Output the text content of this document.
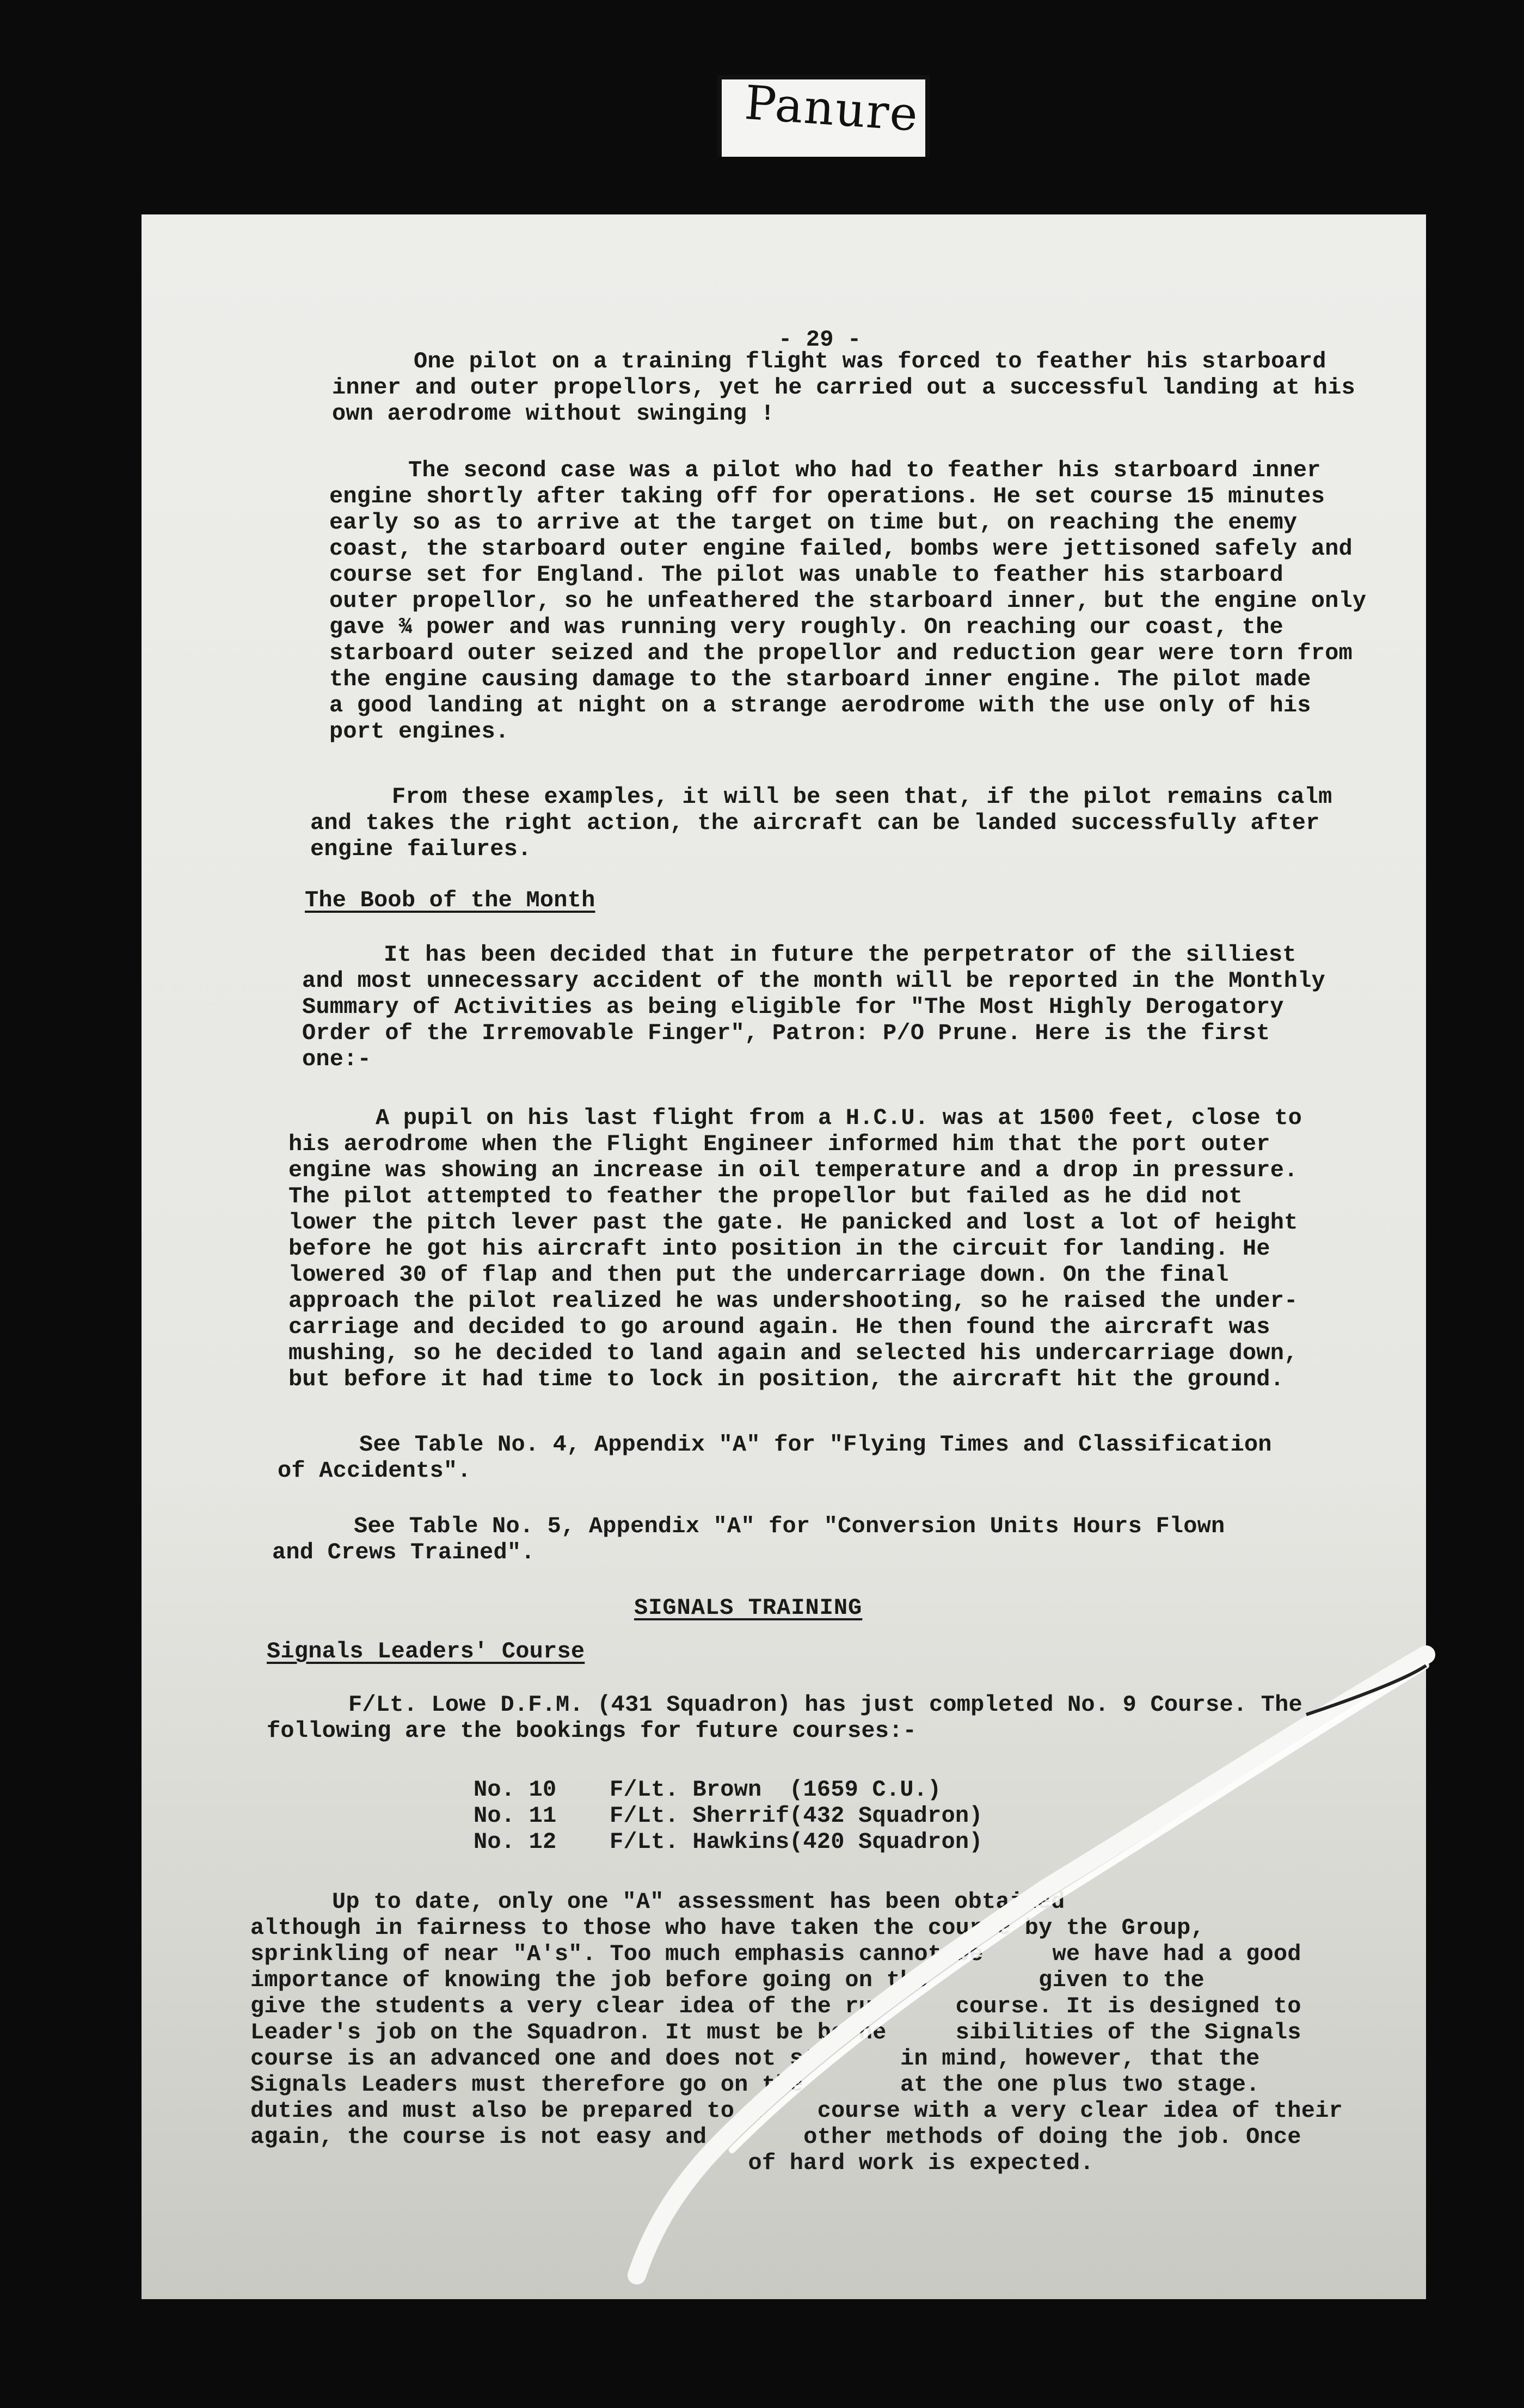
Panure
- 29 -
One pilot on a training flight was forced to feather his starboard
inner and outer propellors, yet he carried out a successful landing at his
own aerodrome without swinging !
The second case was a pilot who had to feather his starboard inner
engine shortly after taking off for operations. He set course 15 minutes
early so as to arrive at the target on time but, on reaching the enemy
coast, the starboard outer engine failed, bombs were jettisoned safely and
course set for England. The pilot was unable to feather his starboard
outer propellor, so he unfeathered the starboard inner, but the engine only
gave ¾ power and was running very roughly. On reaching our coast, the
starboard outer seized and the propellor and reduction gear were torn from
the engine causing damage to the starboard inner engine. The pilot made
a good landing at night on a strange aerodrome with the use only of his
port engines.
From these examples, it will be seen that, if the pilot remains calm
and takes the right action, the aircraft can be landed successfully after
engine failures.
The Boob of the Month
It has been decided that in future the perpetrator of the silliest
and most unnecessary accident of the month will be reported in the Monthly
Summary of Activities as being eligible for "The Most Highly Derogatory
Order of the Irremovable Finger", Patron: P/O Prune. Here is the first
one:-
A pupil on his last flight from a H.C.U. was at 1500 feet, close to
his aerodrome when the Flight Engineer informed him that the port outer
engine was showing an increase in oil temperature and a drop in pressure.
The pilot attempted to feather the propellor but failed as he did not
lower the pitch lever past the gate. He panicked and lost a lot of height
before he got his aircraft into position in the circuit for landing. He
lowered 30 of flap and then put the undercarriage down. On the final
approach the pilot realized he was undershooting, so he raised the under-
carriage and decided to go around again. He then found the aircraft was
mushing, so he decided to land again and selected his undercarriage down,
but before it had time to lock in position, the aircraft hit the ground.
See Table No. 4, Appendix "A" for "Flying Times and Classification
of Accidents".
See Table No. 5, Appendix "A" for "Conversion Units Hours Flown
and Crews Trained".
SIGNALS TRAINING
Signals Leaders' Course
F/Lt. Lowe D.F.M. (431 Squadron) has just completed No. 9 Course. The
following are the bookings for future courses:-
No. 10 F/Lt. Brown (1659 C.U.)
No. 11 F/Lt. Sherrif (432 Squadron)
No. 12 F/Lt. Hawkins (420 Squadron)
Up to date, only one "A" assessment has been obtained
although in fairness to those who have taken the course by the Group,
sprinkling of near "A's". Too much emphasis cannot be     we have had a good
importance of knowing the job before going on the        given to the
give the students a very clear idea of the run     course. It is designed to
Leader's job on the Squadron. It must be borne     sibilities of the Signals
course is an advanced one and does not st      in mind, however, that the
Signals Leaders must therefore go on the       at the one plus two stage.
duties and must also be prepared to l    course with a very clear idea of their
again, the course is not easy and       other methods of doing the job. Once
of hard work is expected.
